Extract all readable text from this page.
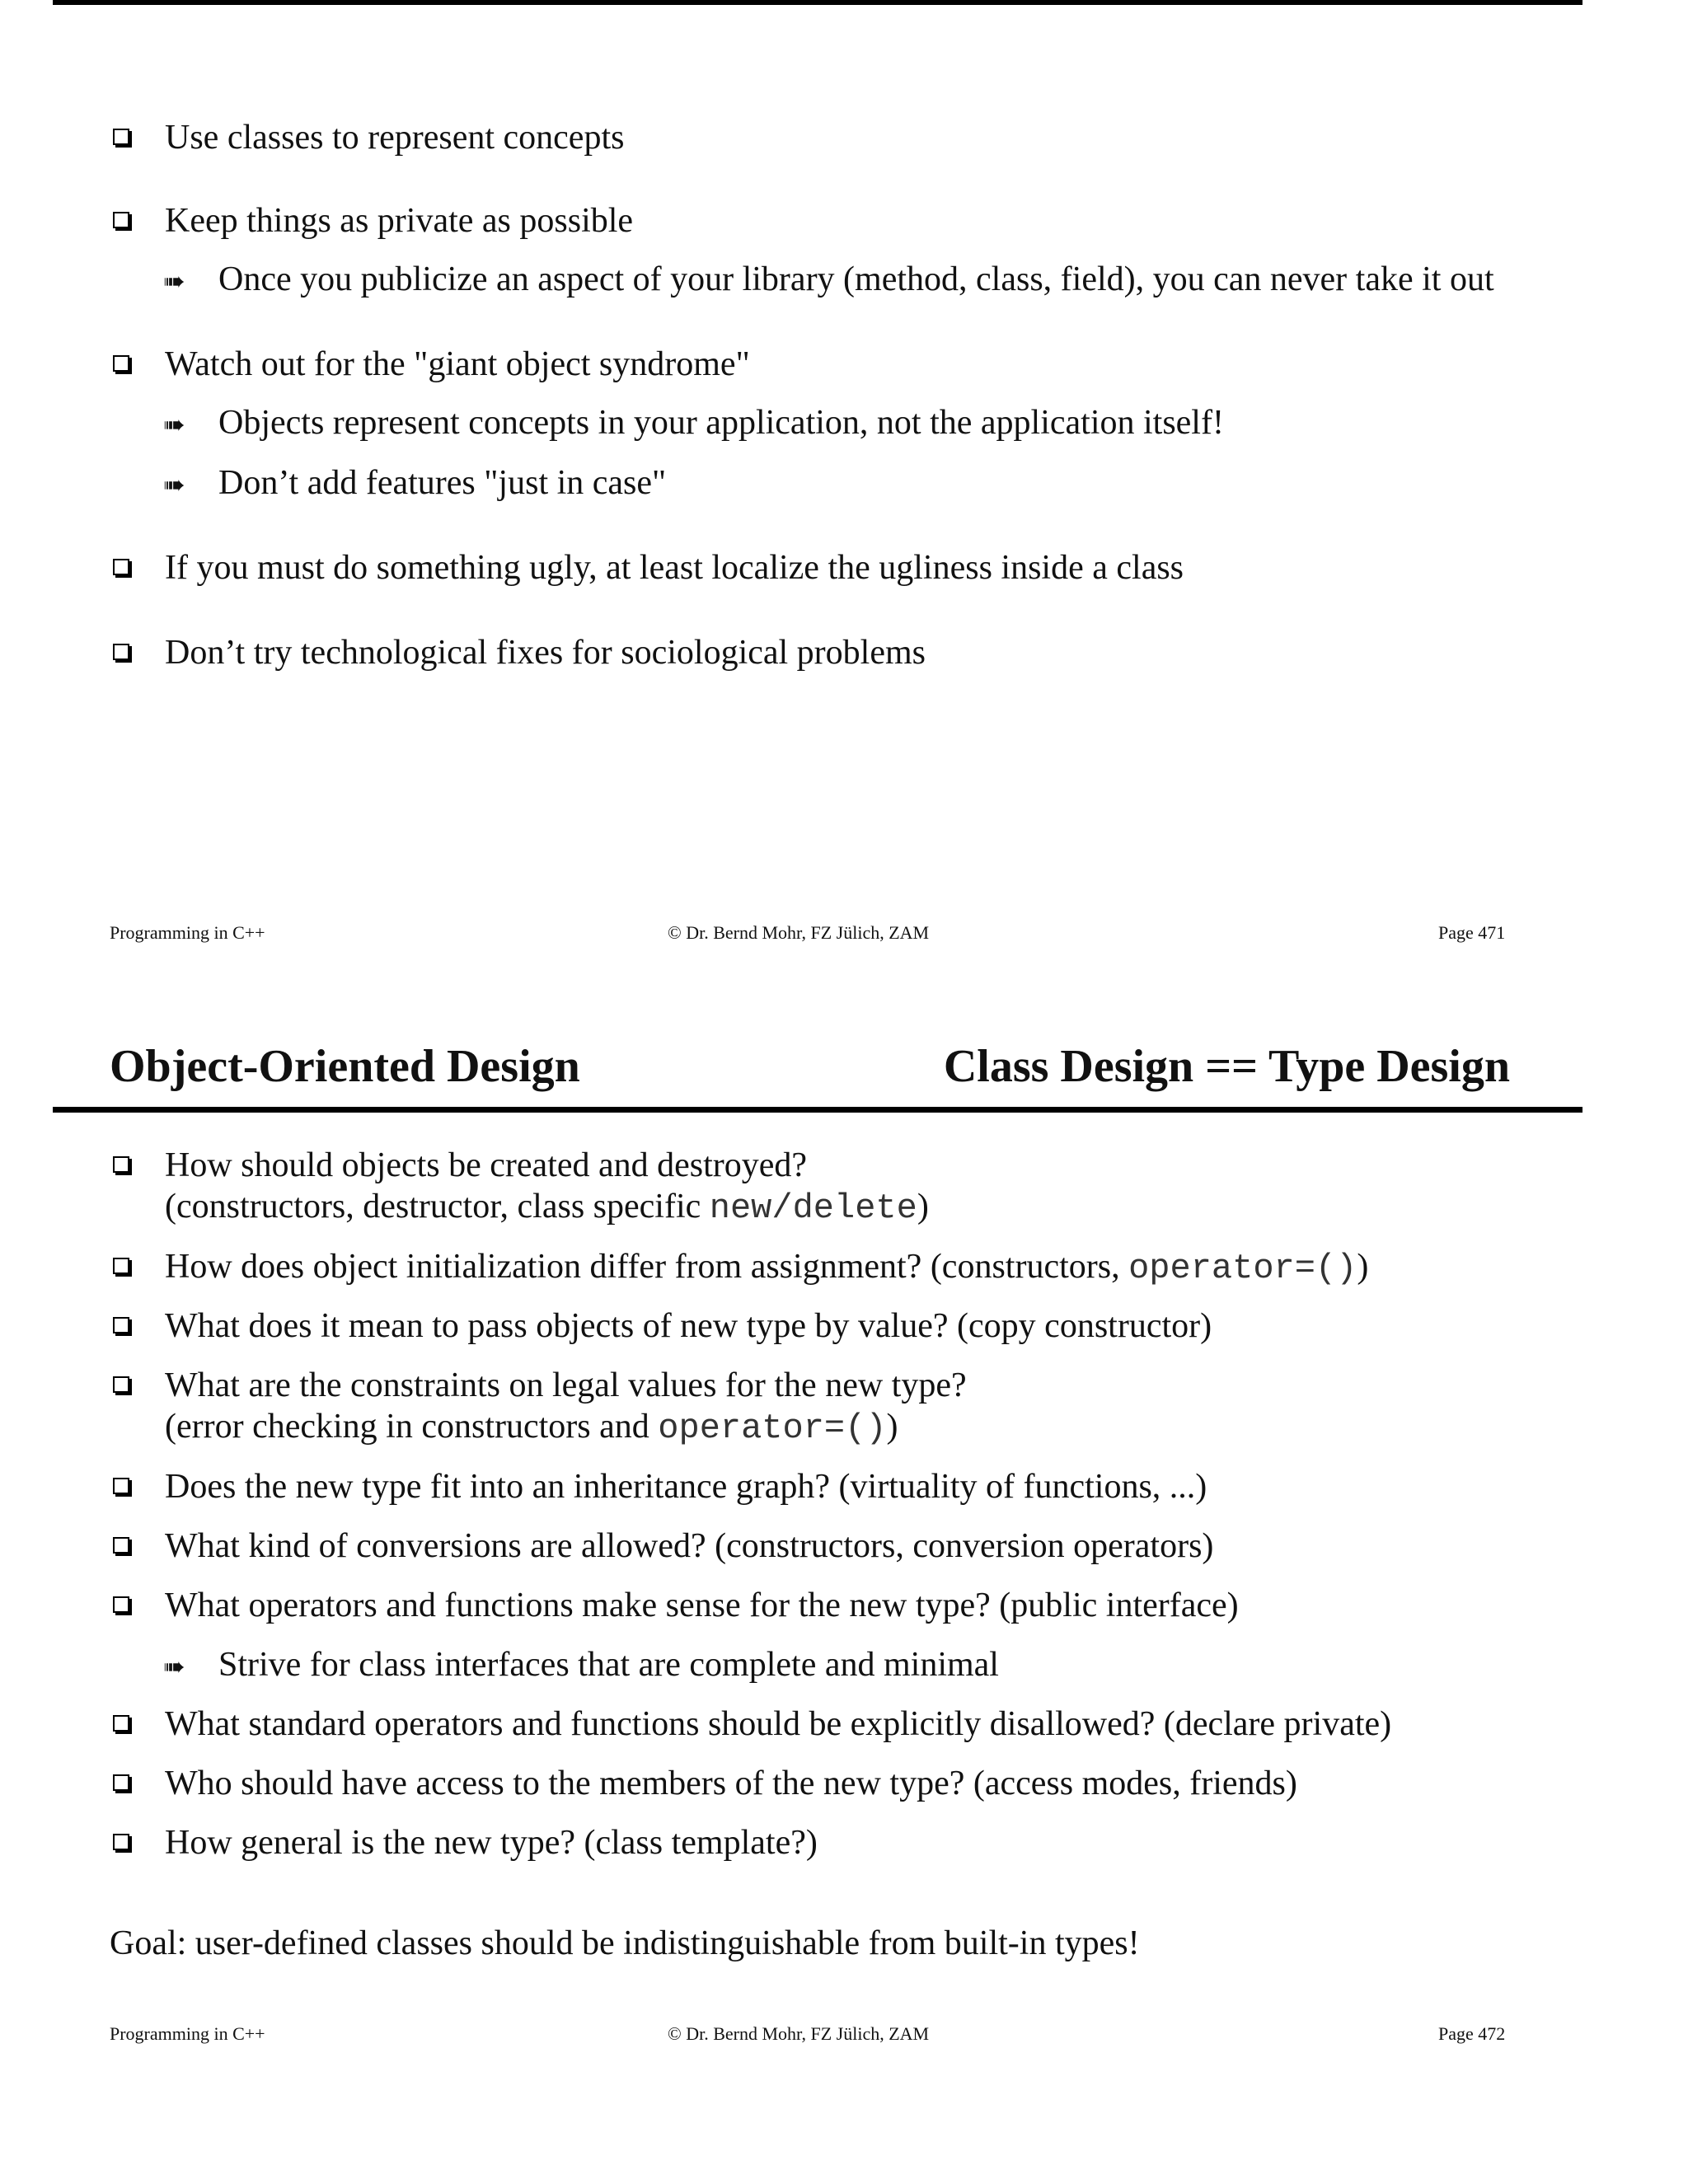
Use classes to represent concepts
Keep things as private as possible
➠ Once you publicize an aspect of your library (method, class, field), you can never take it out
Watch out for the "giant object syndrome"
➠ Objects represent concepts in your application, not the application itself!
➠ Don’t add features "just in case"
If you must do something ugly, at least localize the ugliness inside a class
Don’t try technological fixes for sociological problems
Programming in C++	© Dr. Bernd Mohr, FZ Jülich, ZAM	Page 471
Object-Oriented Design	Class Design == Type Design
How should objects be created and destroyed?
(constructors, destructor, class specific new/delete)
How does object initialization differ from assignment? (constructors, operator=())
What does it mean to pass objects of new type by value? (copy constructor)
What are the constraints on legal values for the new type?
(error checking in constructors and operator=())
Does the new type fit into an inheritance graph? (virtuality of functions, ...)
What kind of conversions are allowed? (constructors, conversion operators)
What operators and functions make sense for the new type? (public interface)
➠ Strive for class interfaces that are complete and minimal
What standard operators and functions should be explicitly disallowed? (declare private)
Who should have access to the members of the new type? (access modes, friends)
How general is the new type? (class template?)
Goal: user-defined classes should be indistinguishable from built-in types!
Programming in C++	© Dr. Bernd Mohr, FZ Jülich, ZAM	Page 472
